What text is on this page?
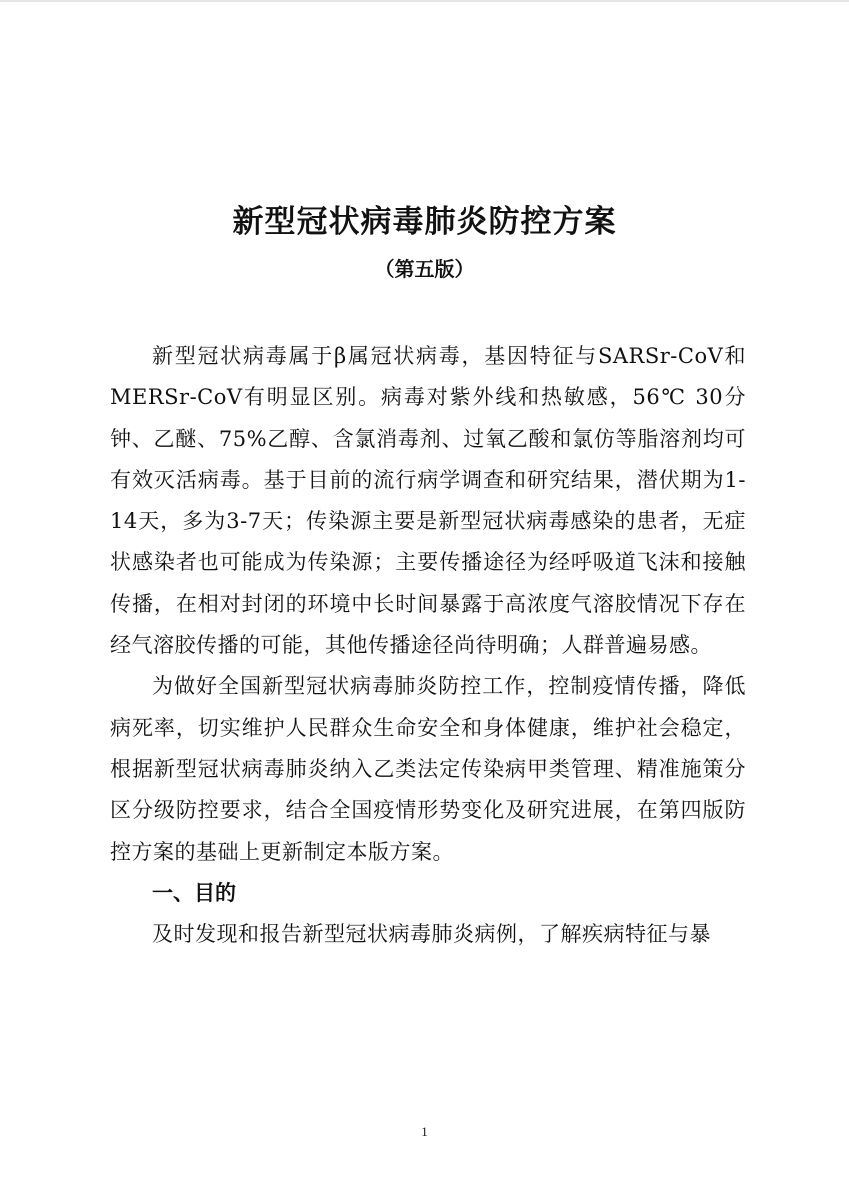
新型冠状病毒肺炎防控方案
（第五版）

新型冠状病毒属于β属冠状病毒，基因特征与SARSr-CoV和MERSr-CoV有明显区别。病毒对紫外线和热敏感，56℃ 30分钟、乙醚、75%乙醇、含氯消毒剂、过氧乙酸和氯仿等脂溶剂均可有效灭活病毒。基于目前的流行病学调查和研究结果，潜伏期为1-14天，多为3-7天；传染源主要是新型冠状病毒感染的患者，无症状感染者也可能成为传染源；主要传播途径为经呼吸道飞沫和接触传播，在相对封闭的环境中长时间暴露于高浓度气溶胶情况下存在经气溶胶传播的可能，其他传播途径尚待明确；人群普遍易感。

为做好全国新型冠状病毒肺炎防控工作，控制疫情传播，降低病死率，切实维护人民群众生命安全和身体健康，维护社会稳定，根据新型冠状病毒肺炎纳入乙类法定传染病甲类管理、精准施策分区分级防控要求，结合全国疫情形势变化及研究进展，在第四版防控方案的基础上更新制定本版方案。

一、目的

及时发现和报告新型冠状病毒肺炎病例，了解疾病特征与暴

1
